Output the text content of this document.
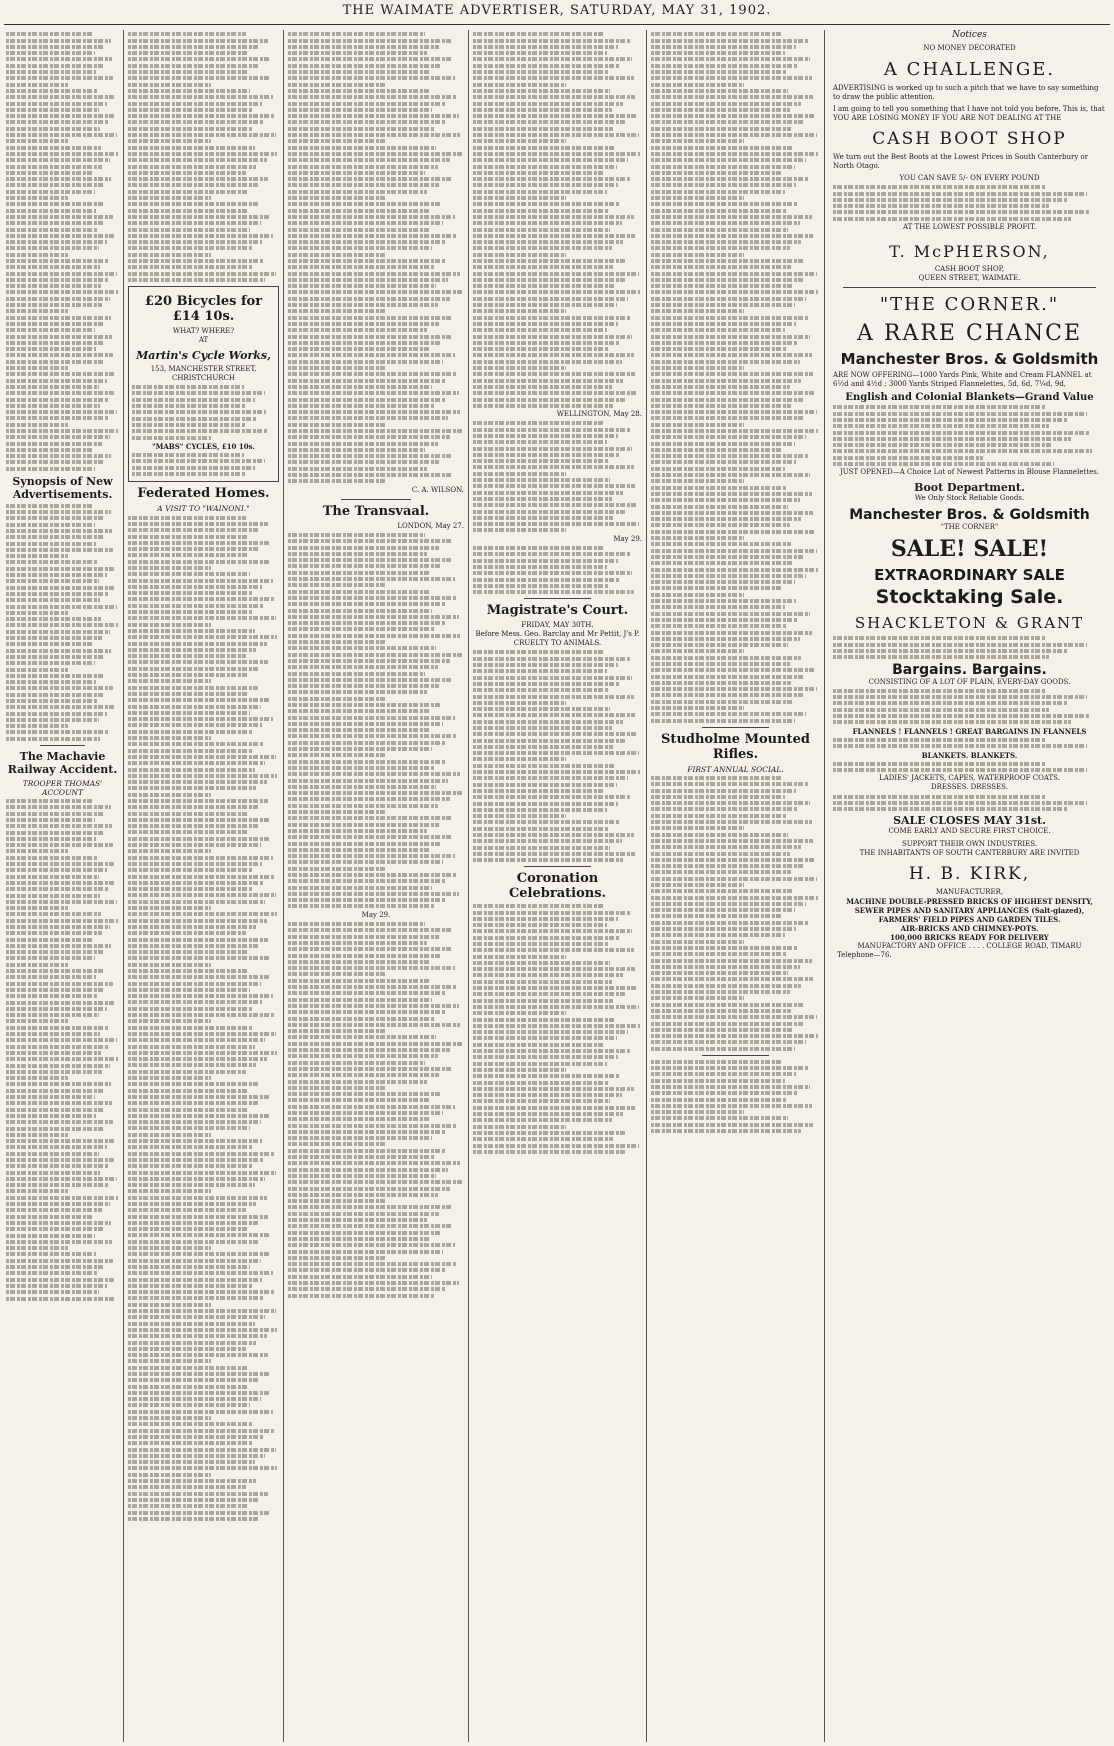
THE WAIMATE ADVERTISER, SATURDAY, MAY 31, 1902.
Synopsis of New Advertisements.
The Machavie Railway Accident.
TROOPER THOMAS' ACCOUNT
£20 Bicycles for £14 10s.
WHAT? WHERE?
AT
Martin's Cycle Works,
153, MANCHESTER STREET, CHRISTCHURCH
"MABS" CYCLES, £10 10s.
Federated Homes.
A VISIT TO "WAINONI."
C. A. WILSON.
The Transvaal.
LONDON, May 27.
May 29.
WELLINGTON, May 28.
May 29.
Magistrate's Court.
FRIDAY, MAY 30TH.
Before Mess. Geo. Barclay and Mr Pettit, J's P.
CRUELTY TO ANIMALS.
Coronation Celebrations.
Studholme Mounted Rifles.
FIRST ANNUAL SOCIAL.
Notices
NO MONEY DECORATED
A CHALLENGE.
ADVERTISING is worked up to such a pitch that we have to say something to draw the public attention.
I am going to tell you something that I have not told you before. This is, that YOU ARE LOSING MONEY IF YOU ARE NOT DEALING AT THE
CASH BOOT SHOP
We turn out the Best Boots at the Lowest Prices in South Canterbury or North Otago.
YOU CAN SAVE 5/- ON EVERY POUND
AT THE LOWEST POSSIBLE PROFIT.
T. McPHERSON,
CASH BOOT SHOP,
QUEEN STREET, WAIMATE.
"THE CORNER."
A RARE CHANCE
Manchester Bros. & Goldsmith
ARE NOW OFFERING—1000 Yards Pink, White and Cream FLANNEL at 6½d and 4½d ; 3000 Yards Striped Flannelettes, 5d, 6d, 7¼d, 9d,
English and Colonial Blankets—Grand Value
JUST OPENED—A Choice Lot of Newest Patterns in Blouse Flannelettes.
Boot Department.
We Only Stock Reliable Goods.
Manchester Bros. & Goldsmith
"THE CORNER"
SALE! SALE!
EXTRAORDINARY SALE
Stocktaking Sale.
SHACKLETON & GRANT
Bargains. Bargains.
CONSISTING OF A LOT OF PLAIN, EVERY-DAY GOODS.
FLANNELS ! FLANNELS ! GREAT BARGAINS IN FLANNELS
BLANKETS. BLANKETS.
LADIES' JACKETS, CAPES, WATERPROOF COATS.
DRESSES. DRESSES.
SALE CLOSES MAY 31st.
COME EARLY AND SECURE FIRST CHOICE.
SUPPORT THEIR OWN INDUSTRIES.
THE INHABITANTS OF SOUTH CANTERBURY ARE INVITED
H. B. KIRK,
MANUFACTURER,
MACHINE DOUBLE-PRESSED BRICKS OF HIGHEST DENSITY,
SEWER PIPES AND SANITARY APPLIANCES (Salt-glazed),
FARMERS' FIELD PIPES AND GARDEN TILES.
AIR-BRICKS AND CHIMNEY-POTS.
100,000 BRICKS READY FOR DELIVERY
MANUFACTORY AND OFFICE . . . . COLLEGE ROAD, TIMARU
Telephone—76.
